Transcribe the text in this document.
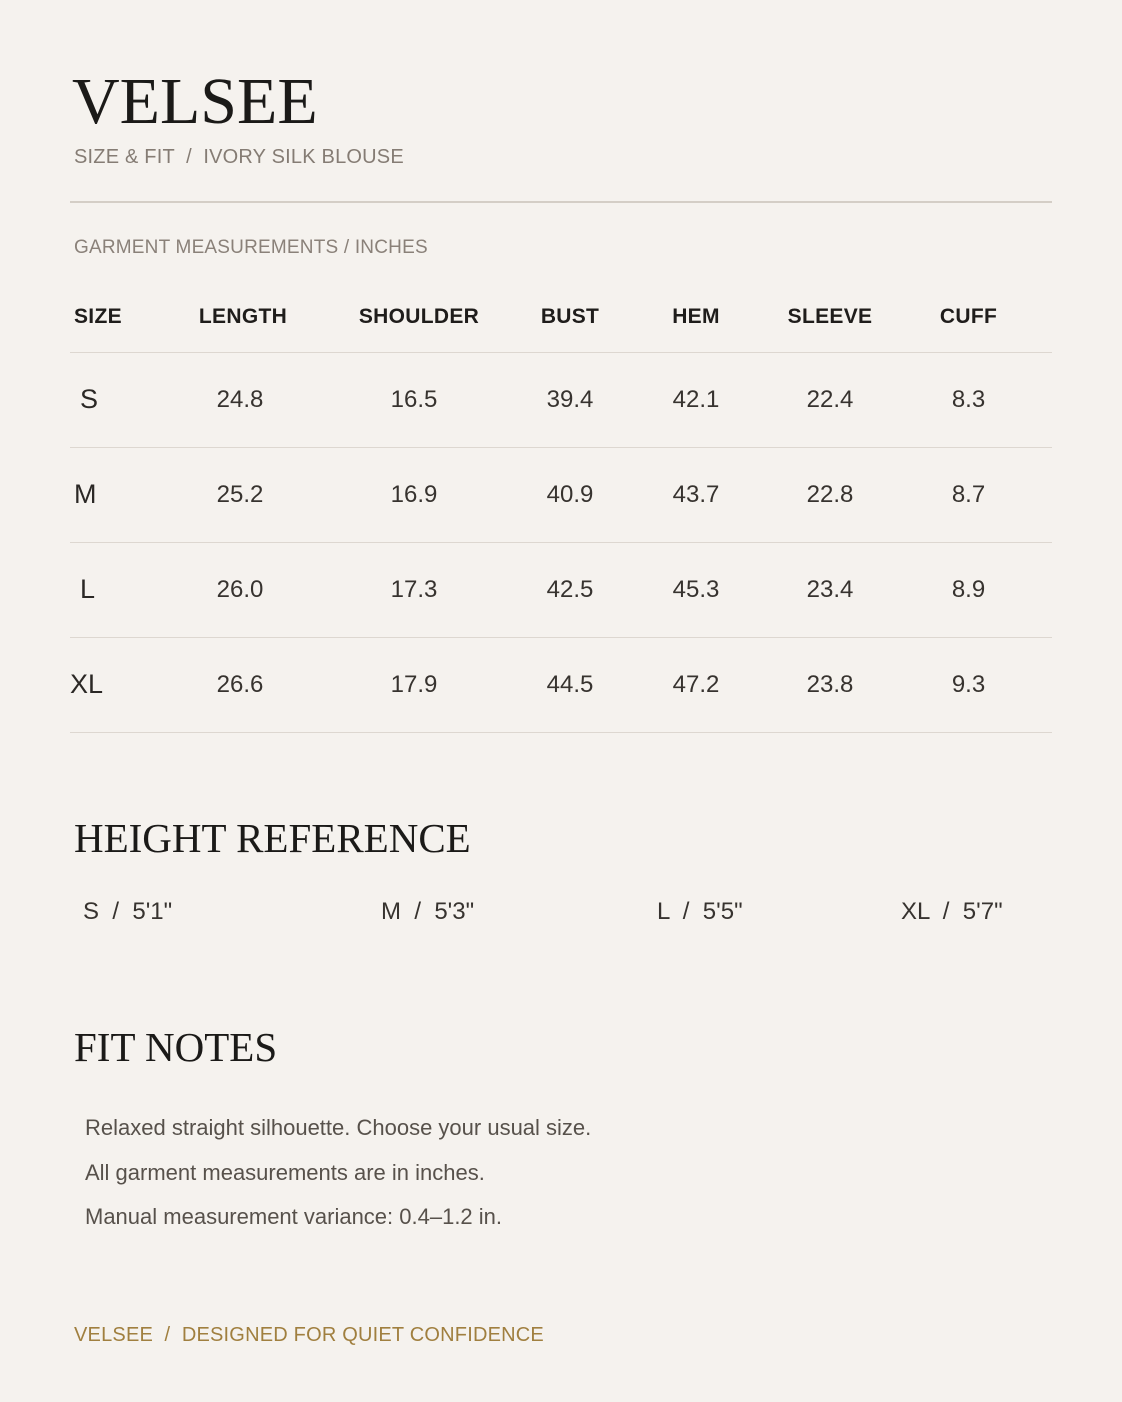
VELSEE
SIZE & FIT / IVORY SILK BLOUSE
GARMENT MEASUREMENTS / INCHES
SIZE	LENGTH	SHOULDER	BUST	HEM	SLEEVE	CUFF
S	24.8	16.5	39.4	42.1	22.4	8.3
M	25.2	16.9	40.9	43.7	22.8	8.7
L	26.0	17.3	42.5	45.3	23.4	8.9
XL	26.6	17.9	44.5	47.2	23.8	9.3
HEIGHT REFERENCE
S  /  5'1"	M  /  5'3"	L  /  5'5"	XL  /  5'7"
FIT NOTES
Relaxed straight silhouette. Choose your usual size.
All garment measurements are in inches.
Manual measurement variance: 0.4–1.2 in.
VELSEE / DESIGNED FOR QUIET CONFIDENCE
